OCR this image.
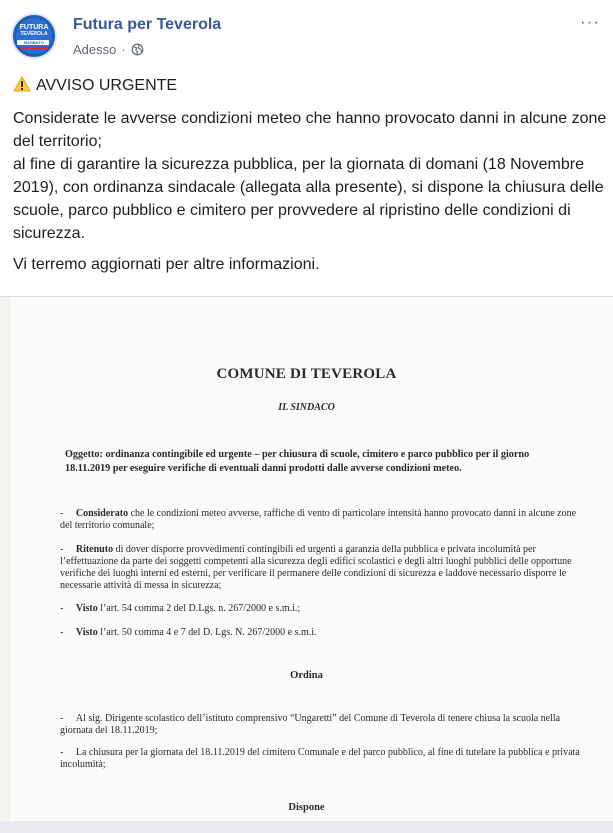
FUTURA
TEVEROLA
BARBATO
Futura per Teverola
Adesso ·
···

AVVISO URGENTE

Considerate le avverse condizioni meteo che hanno provocato danni in alcune zone del territorio;
al fine di garantire la sicurezza pubblica, per la giornata di domani (18 Novembre 2019), con ordinanza sindacale (allegata alla presente), si dispone la chiusura delle scuole, parco pubblico e cimitero per provvedere al ripristino delle condizioni di sicurezza.

Vi terremo aggiornati per altre informazioni.

COMUNE DI TEVEROLA
IL SINDACO
Oggetto: ordinanza contingibile ed urgente – per chiusura di scuole, cimitero e parco pubblico per il giorno 18.11.2019 per eseguire verifiche di eventuali danni prodotti dalle avverse condizioni meteo.
- Considerato che le condizioni meteo avverse, raffiche di vento di particolare intensità hanno provocato danni in alcune zone del territorio comunale;
- Ritenuto di dover disporre provvedimenti contingibili ed urgenti a garanzia della pubblica e privata incolumità per l’effettuazione da parte dei soggetti competenti alla sicurezza degli edifici scolastici e degli altri luoghi pubblici delle opportune verifiche dei luoghi interni ed esterni, per verificare il permanere delle condizioni di sicurezza e laddove necessario disporre le necessarie attività di messa in sicurezza;
- Visto l’art. 54 comma 2 del D.Lgs. n. 267/2000 e s.m.i.;
- Visto l’art. 50 comma 4 e 7 del D. Lgs. N. 267/2000 e s.m.i.
Ordina
- Al sig. Dirigente scolastico dell’istituto comprensivo “Ungaretti” del Comune di Teverola di tenere chiusa la scuola nella giornata del 18.11.2019;
- La chiusura per la giornata del 18.11.2019 del cimitero Comunale e del parco pubblico, al fine di tutelare la pubblica e privata incolumità;
Dispone
